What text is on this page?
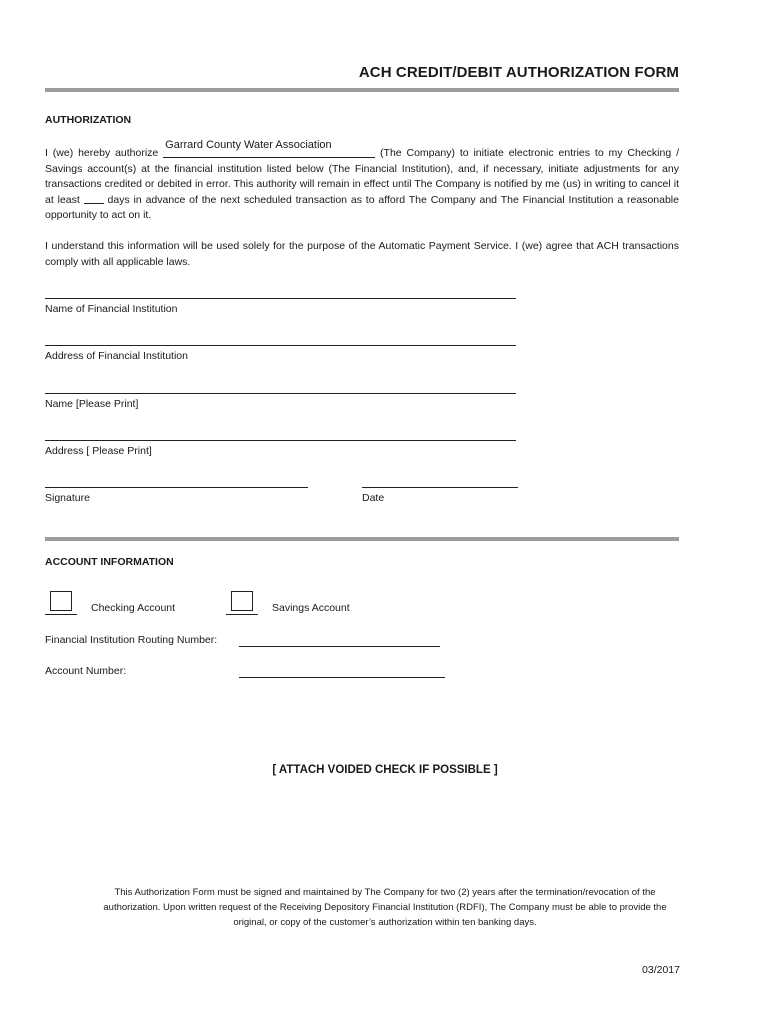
ACH CREDIT/DEBIT AUTHORIZATION FORM
AUTHORIZATION
I (we) hereby authorize
Garrard County Water Association
(The Company) to initiate electronic entries to my Checking / Savings account(s) at the financial institution listed below (The Financial Institution), and, if necessary, initiate adjustments for any transactions credited or debited in error. This authority will remain in effect until The Company is notified by me (us) in writing to cancel it at least  days in advance of the next scheduled transaction as to afford The Company and The Financial Institution a reasonable opportunity to act on it.
I understand this information will be used solely for the purpose of the Automatic Payment Service. I (we) agree that ACH transactions comply with all applicable laws.
Name of Financial Institution
Address of Financial Institution
Name [Please Print]
Address [ Please Print]
Signature	Date
ACCOUNT INFORMATION
Checking Account	Savings Account
Financial Institution Routing Number:
Account Number:
[ ATTACH VOIDED CHECK IF POSSIBLE ]
This Authorization Form must be signed and maintained by The Company for two (2) years after the termination/revocation of the
authorization. Upon written request of the Receiving Depository Financial Institution (RDFI), The Company must be able to provide the
original, or copy of the customer’s authorization within ten banking days.
03/2017
